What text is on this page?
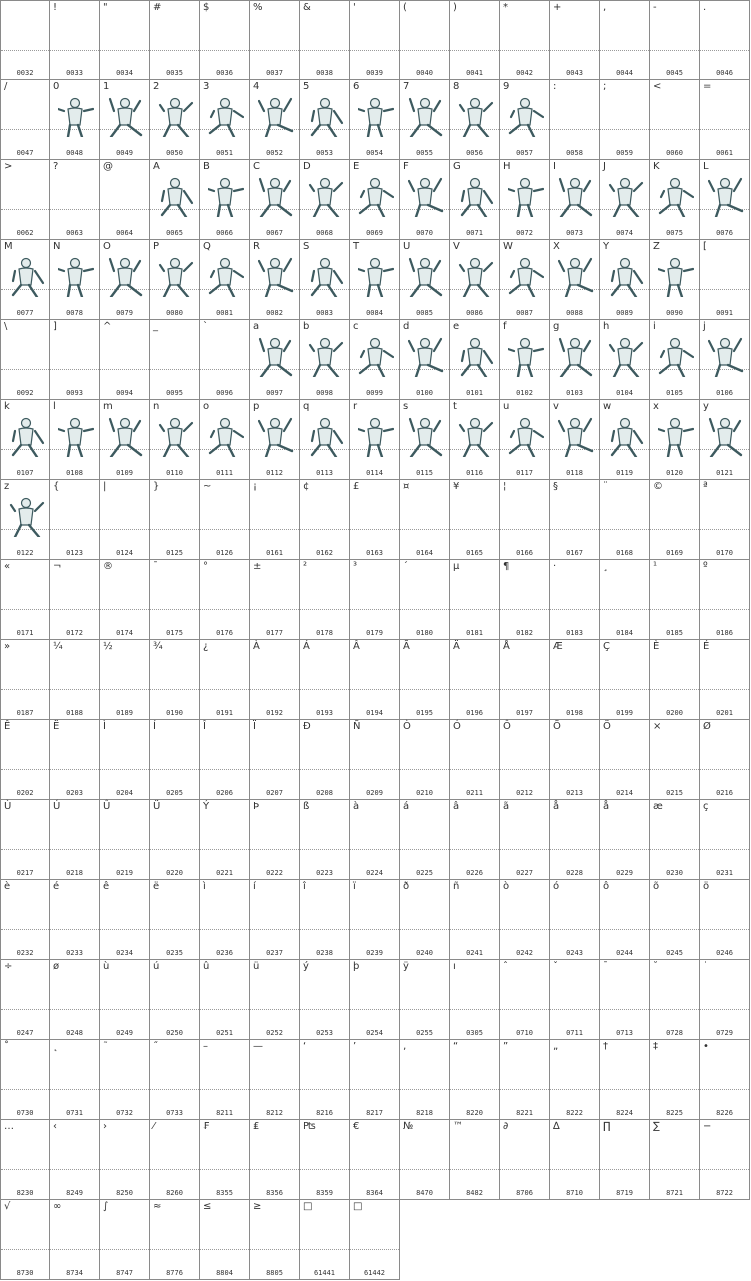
0032
!
0033
"
0034
#
0035
$
0036
%
0037
&
0038
'
0039
(
0040
)
0041
*
0042
+
0043
,
0044
-
0045
.
0046
/
0047
0
0048
1
0049
2
0050
3
0051
4
0052
5
0053
6
0054
7
0055
8
0056
9
0057
:
0058
;
0059
<
0060
=
0061
>
0062
?
0063
@
0064
A
0065
B
0066
C
0067
D
0068
E
0069
F
0070
G
0071
H
0072
I
0073
J
0074
K
0075
L
0076
M
0077
N
0078
O
0079
P
0080
Q
0081
R
0082
S
0083
T
0084
U
0085
V
0086
W
0087
X
0088
Y
0089
Z
0090
[
0091
\
0092
]
0093
^
0094
_
0095
`
0096
a
0097
b
0098
c
0099
d
0100
e
0101
f
0102
g
0103
h
0104
i
0105
j
0106
k
0107
l
0108
m
0109
n
0110
o
0111
p
0112
q
0113
r
0114
s
0115
t
0116
u
0117
v
0118
w
0119
x
0120
y
0121
z
0122
{
0123
|
0124
}
0125
~
0126
¡
0161
¢
0162
£
0163
¤
0164
¥
0165
¦
0166
§
0167
¨
0168
©
0169
ª
0170
«
0171
¬
0172
®
0174
¯
0175
°
0176
±
0177
²
0178
³
0179
´
0180
µ
0181
¶
0182
·
0183
¸
0184
¹
0185
º
0186
»
0187
¼
0188
½
0189
¾
0190
¿
0191
À
0192
Á
0193
Â
0194
Ã
0195
Ä
0196
Å
0197
Æ
0198
Ç
0199
È
0200
É
0201
Ê
0202
Ë
0203
Ì
0204
Í
0205
Î
0206
Ï
0207
Ð
0208
Ñ
0209
Ò
0210
Ó
0211
Ô
0212
Õ
0213
Ö
0214
×
0215
Ø
0216
Ù
0217
Ú
0218
Û
0219
Ü
0220
Ý
0221
Þ
0222
ß
0223
à
0224
á
0225
â
0226
ã
0227
å
0228
å
0229
æ
0230
ç
0231
è
0232
é
0233
ê
0234
ë
0235
ì
0236
í
0237
î
0238
ï
0239
ð
0240
ñ
0241
ò
0242
ó
0243
ô
0244
õ
0245
ö
0246
÷
0247
ø
0248
ù
0249
ú
0250
û
0251
ü
0252
ý
0253
þ
0254
ÿ
0255
ı
0305
ˆ
0710
ˇ
0711
ˉ
0713
˘
0728
˙
0729
˚
0730
˛
0731
˜
0732
˝
0733
–
8211
—
8212
‘
8216
’
8217
‚
8218
“
8220
”
8221
„
8222
†
8224
‡
8225
•
8226
…
8230
‹
8249
›
8250
⁄
8260
₣
8355
₤
8356
₧
8359
€
8364
№
8470
™
8482
∂
8706
∆
8710
∏
8719
∑
8721
−
8722
√
8730
∞
8734
∫
8747
≈
8776
≤
8804
≥
8805
□
61441
□
61442
